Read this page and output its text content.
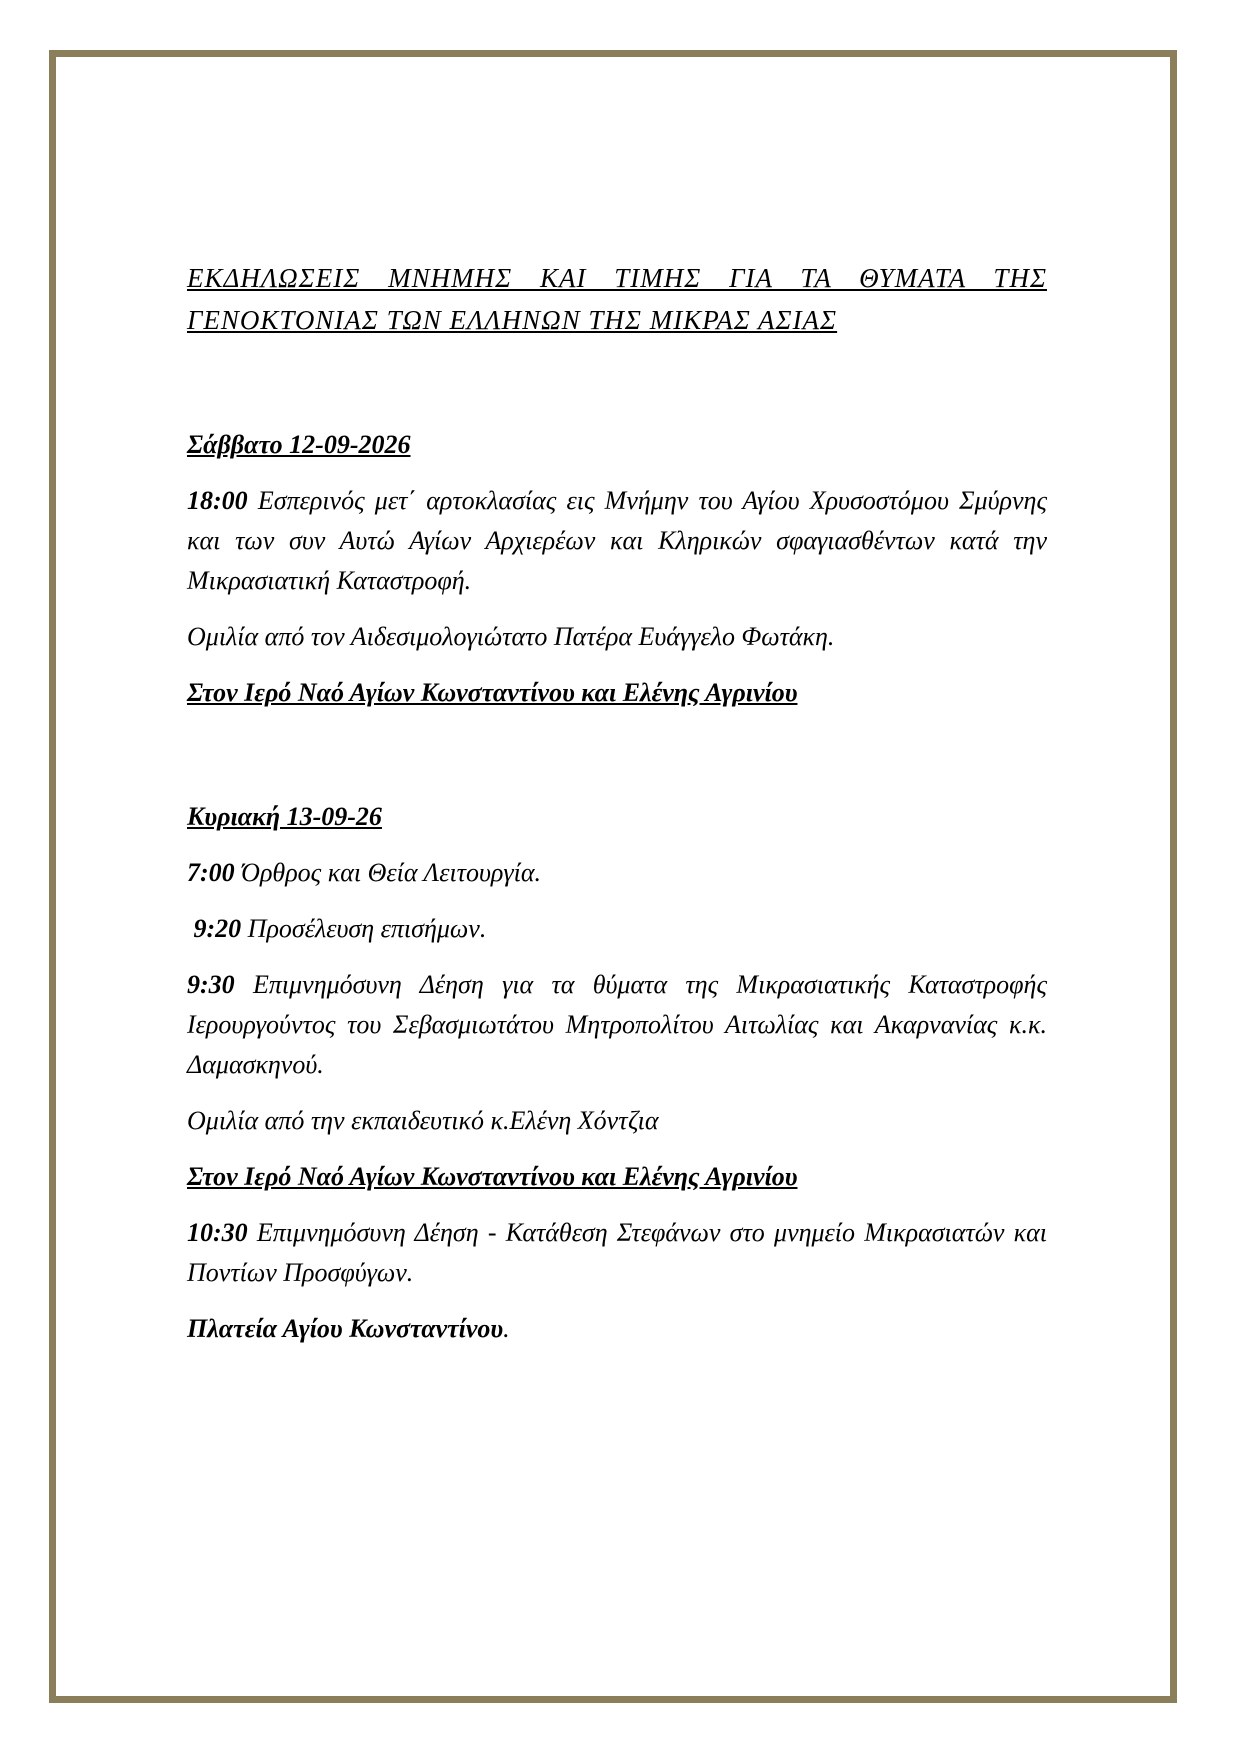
ΕΚΔΗΛΩΣΕΙΣ ΜΝΗΜΗΣ ΚΑΙ ΤΙΜΗΣ ΓΙΑ ΤΑ ΘΥΜΑΤΑ ΤΗΣ
ΓΕΝΟΚΤΟΝΙΑΣ ΤΩΝ ΕΛΛΗΝΩΝ ΤΗΣ ΜΙΚΡΑΣ ΑΣΙΑΣ

Σάββατο 12-09-2026

18:00 Εσπερινός μετ΄ αρτοκλασίας εις Μνήμην του Αγίου Χρυσοστόμου Σμύρνης και των συν Αυτώ Αγίων Αρχιερέων και Κληρικών σφαγιασθέντων κατά την Μικρασιατική Καταστροφή.

Ομιλία από τον Αιδεσιμολογιώτατο Πατέρα Ευάγγελο Φωτάκη.

Στον Ιερό Ναό Αγίων Κωνσταντίνου και Ελένης Αγρινίου

Κυριακή 13-09-26

7:00 Όρθρος και Θεία Λειτουργία.

9:20 Προσέλευση επισήμων.

9:30 Επιμνημόσυνη Δέηση για τα θύματα της Μικρασιατικής Καταστροφής Ιερουργούντος του Σεβασμιωτάτου Μητροπολίτου Αιτωλίας και Ακαρνανίας κ.κ. Δαμασκηνού.

Ομιλία από την εκπαιδευτικό κ.Ελένη Χόντζια

Στον Ιερό Ναό Αγίων Κωνσταντίνου και Ελένης Αγρινίου

10:30 Επιμνημόσυνη Δέηση - Κατάθεση Στεφάνων στο μνημείο Μικρασιατών και Ποντίων Προσφύγων.

Πλατεία Αγίου Κωνσταντίνου.
